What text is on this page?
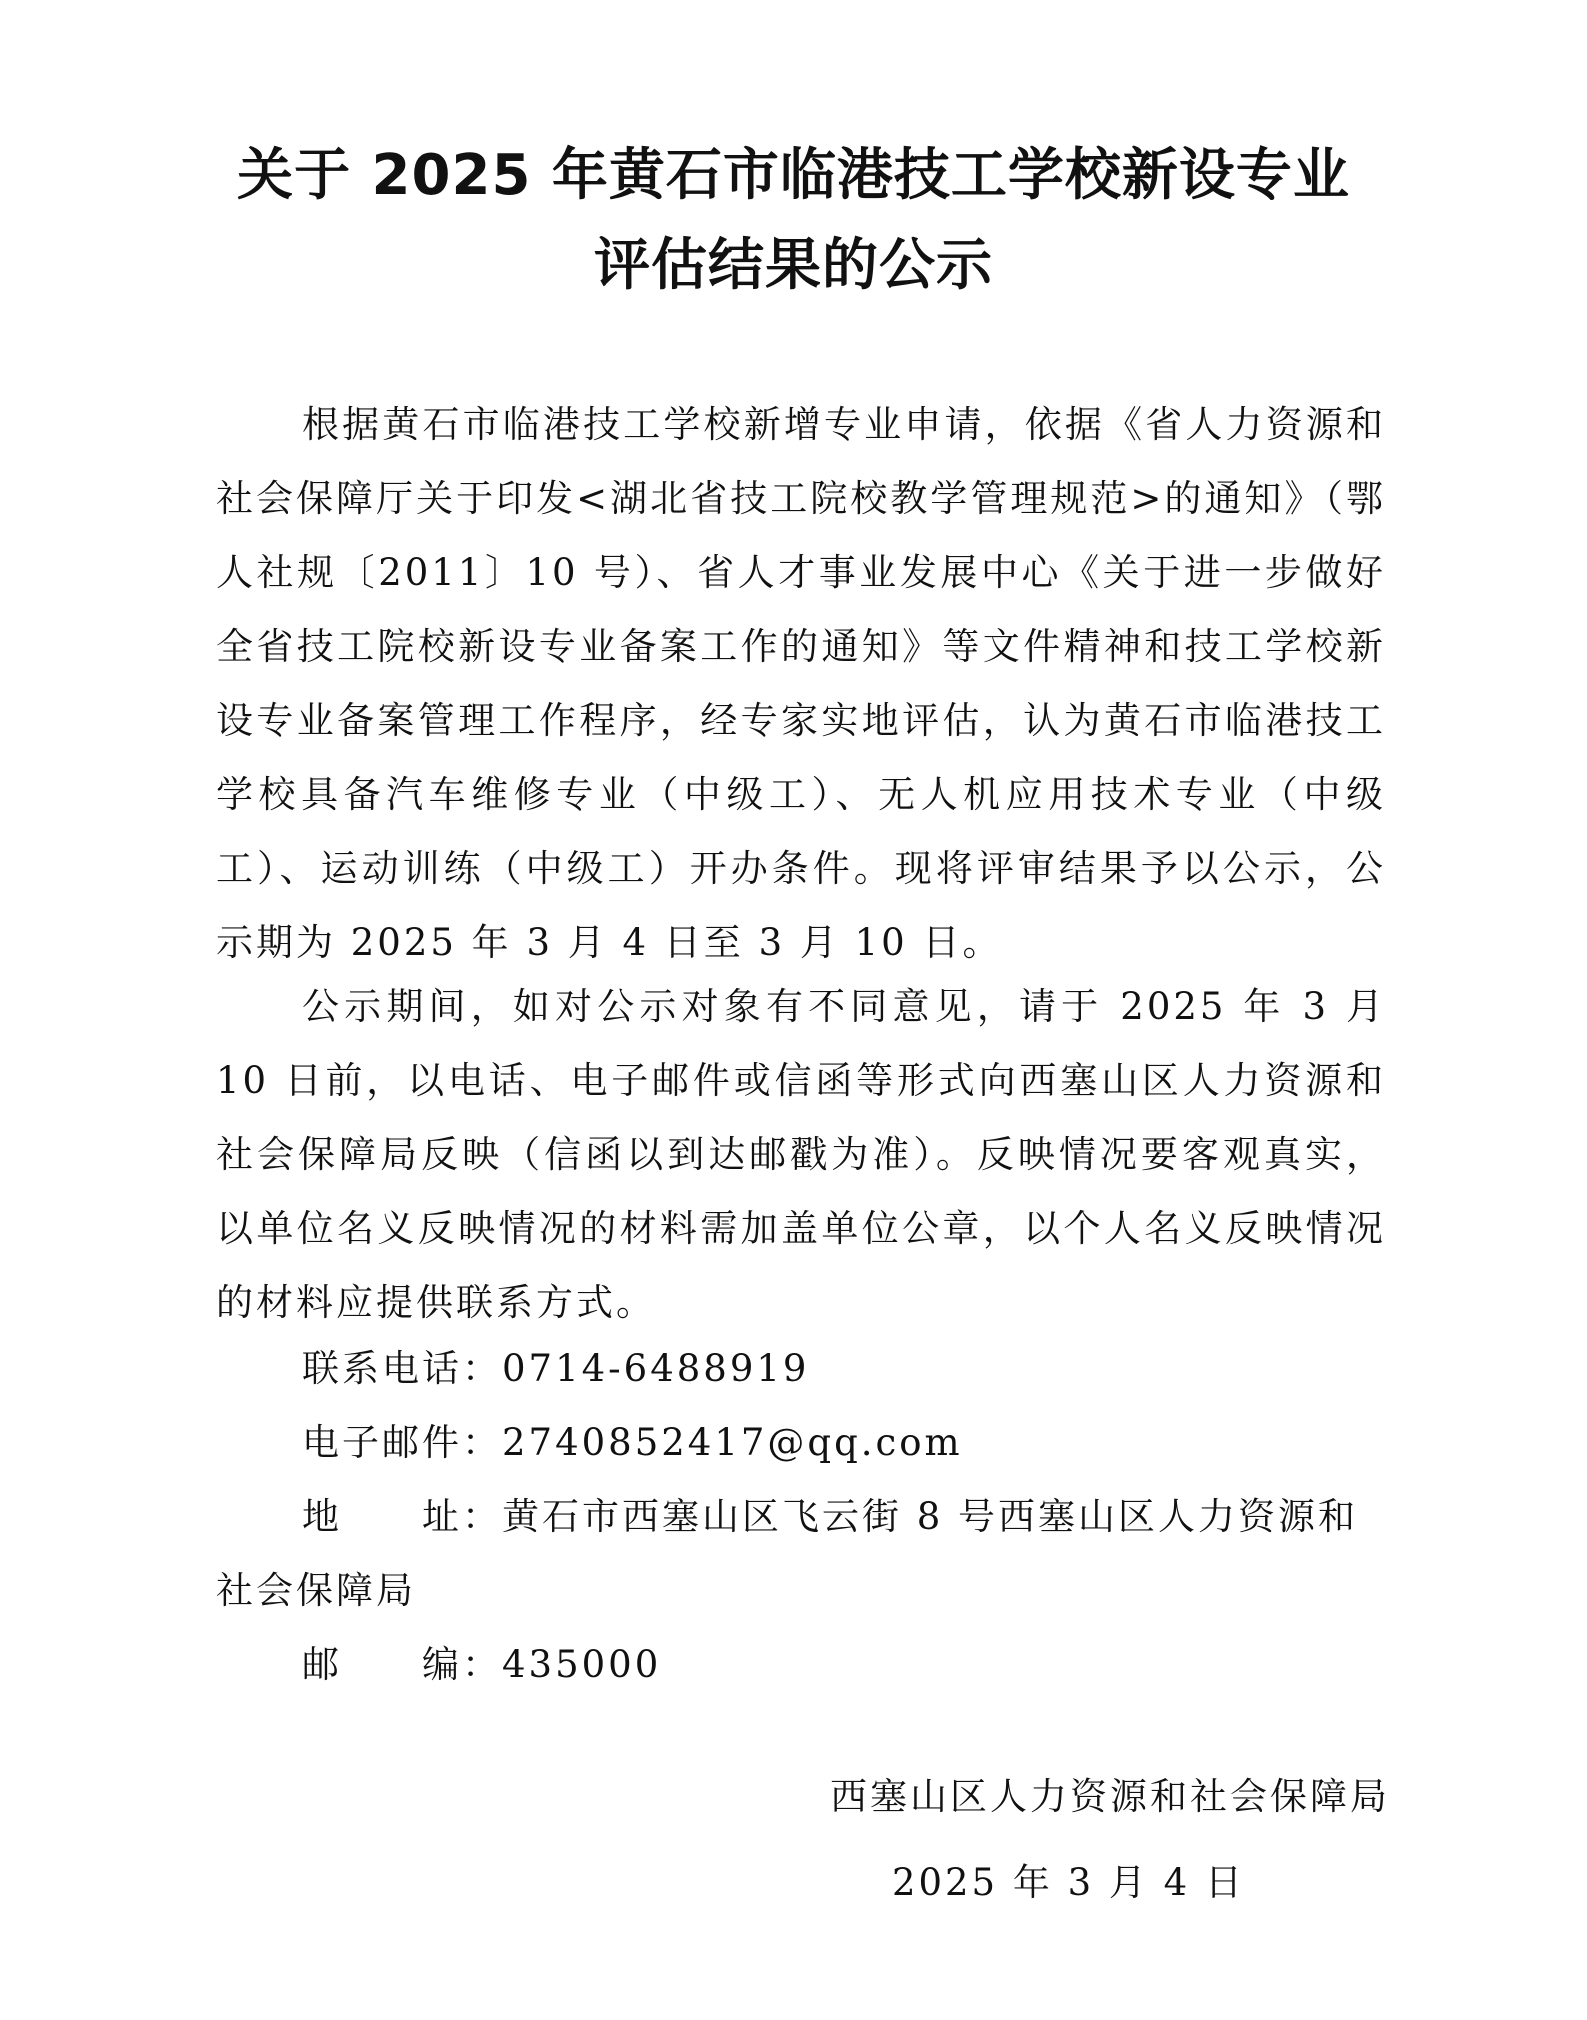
关于 2025 年黄石市临港技工学校新设专业
评估结果的公示

根据黄石市临港技工学校新增专业申请，依据《省人力资源和社会保障厅关于印发<湖北省技工院校教学管理规范>的通知》（鄂人社规〔2011〕10 号）、省人才事业发展中心《关于进一步做好全省技工院校新设专业备案工作的通知》等文件精神和技工学校新设专业备案管理工作程序，经专家实地评估，认为黄石市临港技工学校具备汽车维修专业（中级工）、无人机应用技术专业（中级工）、运动训练（中级工）开办条件。现将评审结果予以公示，公示期为 2025 年 3 月 4 日至 3 月 10 日。

公示期间，如对公示对象有不同意见，请于 2025 年 3 月 10 日前，以电话、电子邮件或信函等形式向西塞山区人力资源和社会保障局反映（信函以到达邮戳为准）。反映情况要客观真实，以单位名义反映情况的材料需加盖单位公章，以个人名义反映情况的材料应提供联系方式。

联系电话：0714-6488919
电子邮件：2740852417@qq.com
地　　址：黄石市西塞山区飞云街 8 号西塞山区人力资源和社会保障局
邮　　编：435000
西塞山区人力资源和社会保障局
2025 年 3 月 4 日
